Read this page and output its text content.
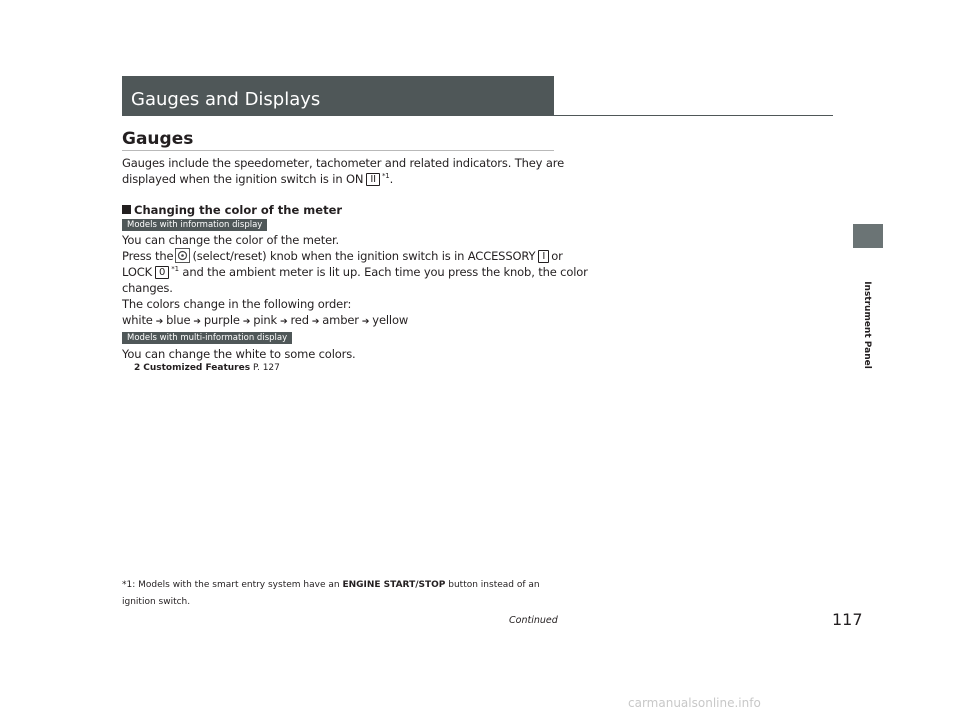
Gauges and Displays
Gauges
Gauges include the speedometer, tachometer and related indicators. They are
displayed when the ignition switch is in ON II $^{*1}$.
Changing the color of the meter
Models with information display
You can change the color of the meter.
Press the (select/reset) knob when the ignition switch is in ACCESSORY I or
LOCK 0 $^{*1}$ and the ambient meter is lit up. Each time you press the knob, the color
changes.
The colors change in the following order:
white ➔ blue ➔ purple ➔ pink ➔ red ➔ amber ➔ yellow
Models with multi-information display
You can change the white to some colors.
2 Customized Features P. 127
*1: Models with the smart entry system have an ENGINE START/STOP button instead of an
ignition switch.
Continued	117
Instrument Panel
carmanualsonline.info
